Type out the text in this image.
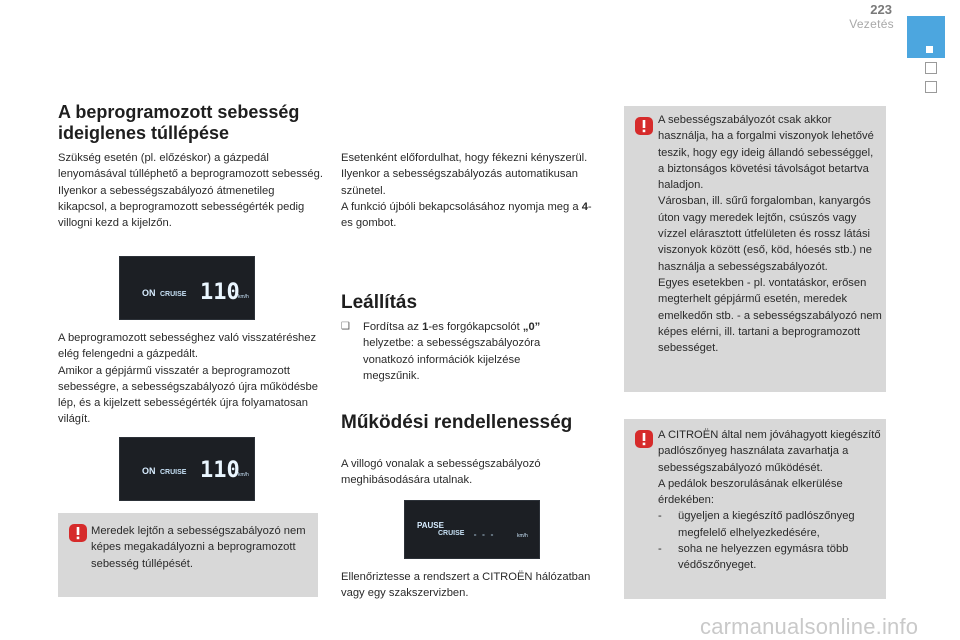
223
Vezetés
A beprogramozott sebesség ideiglenes túllépése

Szükség esetén (pl. előzéskor) a gázpedál lenyomásával túlléphető a beprogramozott sebesség.

Ilyenkor a sebességszabályozó átmenetileg kikapcsol, a beprogramozott sebességérték pedig villogni kezd a kijelzőn.

ON CRUISE 110
km/h

A beprogramozott sebességhez való visszatéréshez elég felengedni a gázpedált.

Amikor a gépjármű visszatér a beprogramozott sebességre, a sebességszabályozó újra működésbe lép, és a kijelzett sebességérték újra folyamatosan világít.

ON CRUISE 110
km/h
Meredek lejtőn a sebességszabályozó nem képes megakadályozni a beprogramozott sebesség túllépését.

Esetenként előfordulhat, hogy fékezni kényszerül. Ilyenkor a sebességszabályozás automatikusan szünetel.

A funkció újbóli bekapcsolásához nyomja meg a 4-es gombot.

Leállítás
❑ Fordítsa az 1-es forgókapcsolót „0” helyzetbe: a sebességszabályozóra vonatkozó információk kijelzése megszűnik.
Működési rendellenesség
A villogó vonalak a sebességszabályozó meghibásodására utalnak.
PAUSE
CRUISE - - -	km/h
Ellenőriztesse a rendszert a CITROËN hálózatban vagy egy szakszervizben.

A sebességszabályozót csak akkor használja, ha a forgalmi viszonyok lehetővé teszik, hogy egy ideig állandó sebességgel, a biztonságos követési távolságot betartva haladjon.

Városban, ill. sűrű forgalomban, kanyargós úton vagy meredek lejtőn, csúszós vagy vízzel elárasztott útfelületen és rossz látási viszonyok között (eső, köd, hóesés stb.) ne használja a sebességszabályozót.

Egyes esetekben - pl. vontatáskor, erősen megterhelt gépjármű esetén, meredek emelkedőn stb. - a sebességszabályozó nem képes elérni, ill. tartani a beprogramozott sebességet.

A CITROËN által nem jóváhagyott kiegészítő padlószőnyeg használata zavarhatja a sebességszabályozó működését.

A pedálok beszorulásának elkerülése érdekében:

- ügyeljen a kiegészítő padlószőnyeg megfelelő elhelyezkedésére,
- soha ne helyezzen egymásra több védőszőnyeget.
carmanualsonline.info
